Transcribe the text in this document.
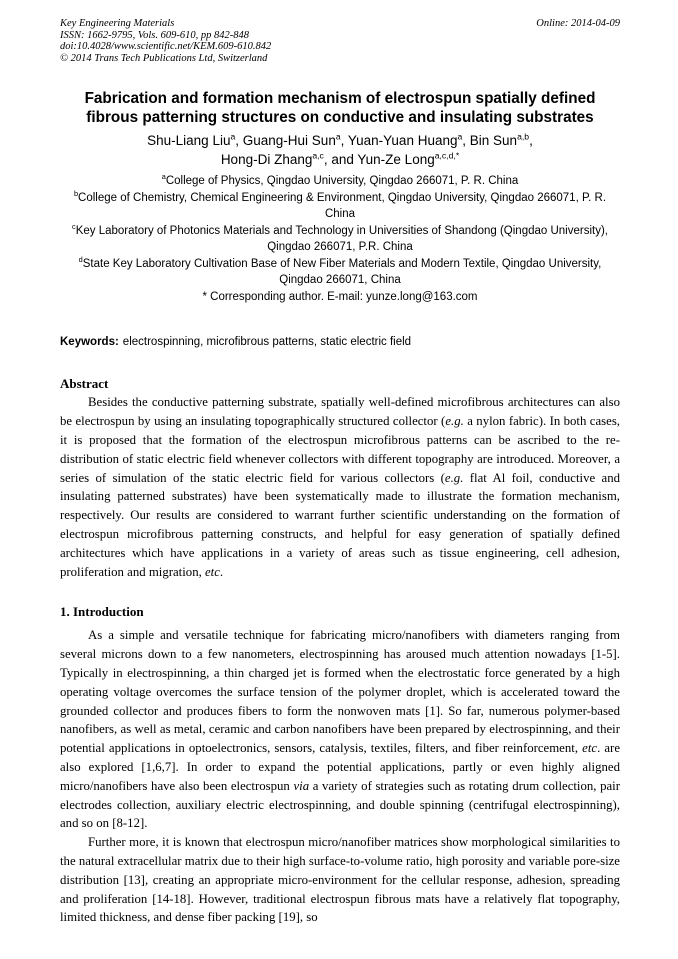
Key Engineering Materials
ISSN: 1662-9795, Vols. 609-610, pp 842-848
doi:10.4028/www.scientific.net/KEM.609-610.842
© 2014 Trans Tech Publications Ltd, Switzerland
Online: 2014-04-09
Fabrication and formation mechanism of electrospun spatially defined
fibrous patterning structures on conductive and insulating substrates
Shu-Liang Liu$^a$, Guang-Hui Sun$^a$, Yuan-Yuan Huang$^a$, Bin Sun$^{a,b}$,
Hong-Di Zhang$^{a,c}$, and Yun-Ze Long$^{a,c,d,*}$

$^a$College of Physics, Qingdao University, Qingdao 266071, P. R. China

$^b$College of Chemistry, Chemical Engineering & Environment, Qingdao University, Qingdao 266071, P. R. China

$^c$Key Laboratory of Photonics Materials and Technology in Universities of Shandong (Qingdao University), Qingdao 266071, P.R. China

$^d$State Key Laboratory Cultivation Base of New Fiber Materials and Modern Textile, Qingdao University, Qingdao 266071, China

* Corresponding author. E-mail: yunze.long@163.com

Keywords: electrospinning, microfibrous patterns, static electric field
Abstract

Besides the conductive patterning substrate, spatially well-defined microfibrous architectures can also be electrospun by using an insulating topographically structured collector (e.g. a nylon fabric). In both cases, it is proposed that the formation of the electrospun microfibrous patterns can be ascribed to the re-distribution of static electric field whenever collectors with different topography are introduced. Moreover, a series of simulation of the static electric field for various collectors (e.g. flat Al foil, conductive and insulating patterned substrates) have been systematically made to illustrate the formation mechanism, respectively. Our results are considered to warrant further scientific understanding on the formation of electrospun microfibrous patterning constructs, and helpful for easy generation of spatially defined architectures which have applications in a variety of areas such as tissue engineering, cell adhesion, proliferation and migration, etc.

1. Introduction

As a simple and versatile technique for fabricating micro/nanofibers with diameters ranging from several microns down to a few nanometers, electrospinning has aroused much attention nowadays [1-5]. Typically in electrospinning, a thin charged jet is formed when the electrostatic force generated by a high operating voltage overcomes the surface tension of the polymer droplet, which is accelerated toward the grounded collector and produces fibers to form the nonwoven mats [1]. So far, numerous polymer-based nanofibers, as well as metal, ceramic and carbon nanofibers have been prepared by electrospinning, and their potential applications in optoelectronics, sensors, catalysis, textiles, filters, and fiber reinforcement, etc. are also explored [1,6,7]. In order to expand the potential applications, partly or even highly aligned micro/nanofibers have also been electrospun via a variety of strategies such as rotating drum collection, pair electrodes collection, auxiliary electric electrospinning, and double spinning (centrifugal electrospinning), and so on [8-12].

Further more, it is known that electrospun micro/nanofiber matrices show morphological similarities to the natural extracellular matrix due to their high surface-to-volume ratio, high porosity and variable pore-size distribution [13], creating an appropriate micro-environment for the cellular response, adhesion, spreading and proliferation [14-18]. However, traditional electrospun fibrous mats have a relatively flat topography, limited thickness, and dense fiber packing [19], so
